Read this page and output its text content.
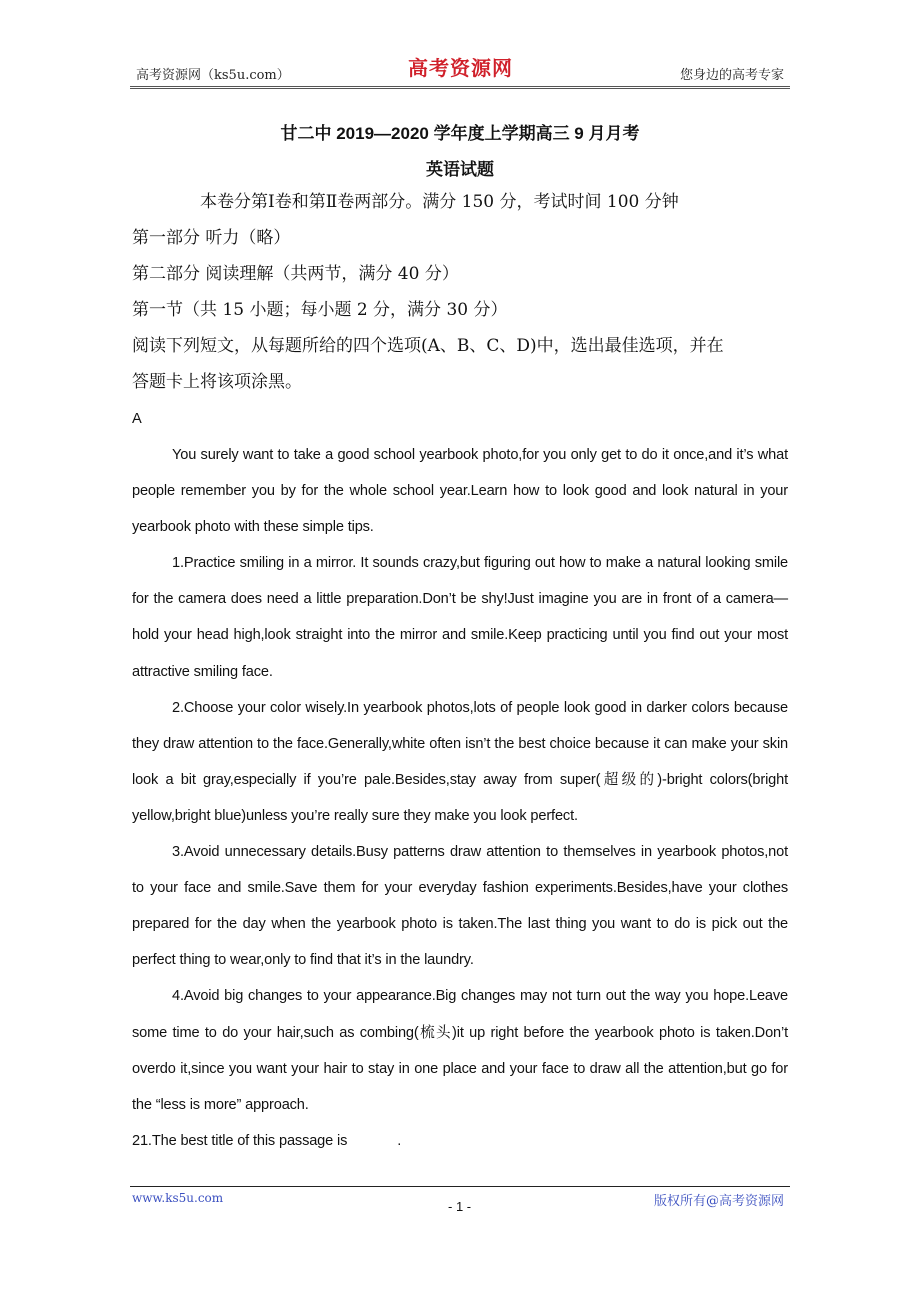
高考资源网（ks5u.com）	高考资源网	您身边的高考专家
甘二中 2019—2020 学年度上学期高三 9 月月考
英语试题
本卷分第Ⅰ卷和第Ⅱ卷两部分。满分 150 分，考试时间 100 分钟
第一部分 听力（略）
第二部分 阅读理解（共两节，满分 40 分）
第一节（共 15 小题；每小题 2 分，满分 30 分）
阅读下列短文，从每题所给的四个选项(A、B、C、D)中，选出最佳选项，并在
答题卡上将该项涂黑。

A

You surely want to take a good school yearbook photo,for you only get to do it once,and it’s what people remember you by for the whole school year.Learn how to look good and look natural in your yearbook photo with these simple tips.

1.Practice smiling in a mirror. It sounds crazy,but figuring out how to make a natural looking smile for the camera does need a little preparation.Don’t be shy!Just imagine you are in front of a camera—hold your head high,look straight into the mirror and smile.Keep practicing until you find out your most attractive smiling face.

2.Choose your color wisely.In yearbook photos,lots of people look good in darker colors because they draw attention to the face.Generally,white often isn’t the best choice because it can make your skin look a bit gray,especially if you’re pale.Besides,stay away from super(超级的)-bright colors(bright yellow,bright blue)unless you’re really sure they make you look perfect.

3.Avoid unnecessary details.Busy patterns draw attention to themselves in yearbook photos,not to your face and smile.Save them for your everyday fashion experiments.Besides,have your clothes prepared for the day when the yearbook photo is taken.The last thing you want to do is pick out the perfect thing to wear,only to find that it’s in the laundry.

4.Avoid big changes to your appearance.Big changes may not turn out the way you hope.Leave some time to do your hair,such as combing(梳头)it up right before the yearbook photo is taken.Don’t overdo it,since you want your hair to stay in one place and your face to draw all the attention,but go for the “less is more” approach.

21.The best title of this passage is	.

www.ks5u.com
- 1 -	版权所有@高考资源网
